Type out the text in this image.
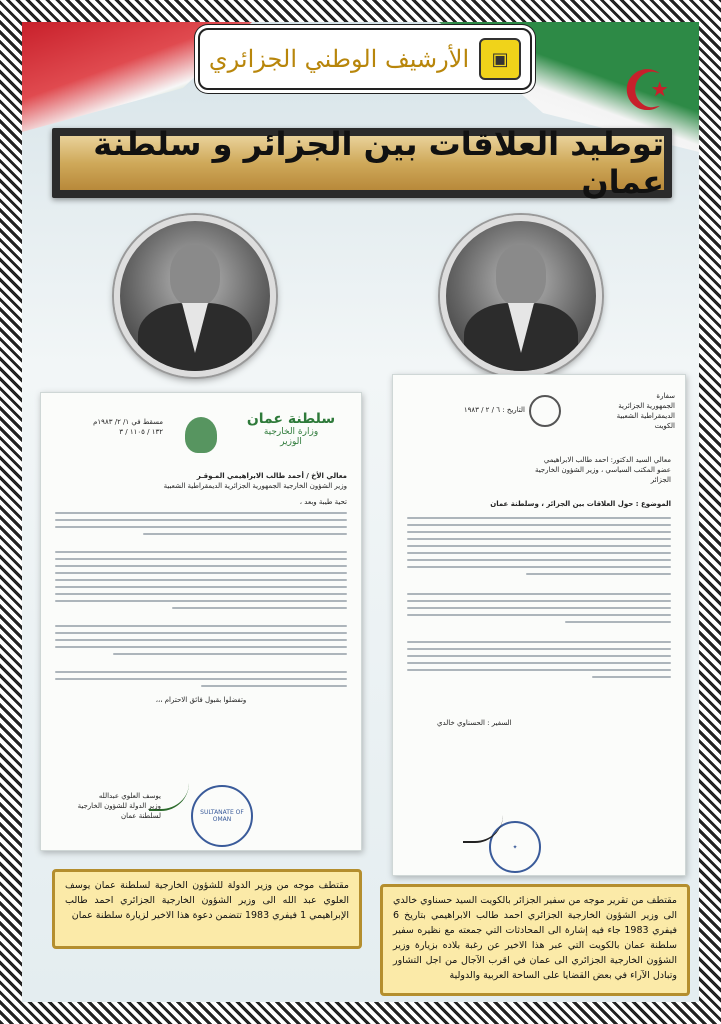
☪
الأرشيف الوطني الجزائري	▣
توطيد العلاقات بين الجزائر و سلطنة عمان

سلطنة عمان

وزارة الخارجية

الوزير

مسقط في ١/ ٢/ ١٩٨٣م

١٣٢ / ١١٠٥ / ٣

معالي الأخ / أحمد طالب الابراهيمي المـوقـر

وزير الشؤون الخارجية الجمهورية الجزائرية الديمقراطية الشعبية

تحية طيبة وبعد ،

وتفضلوا بقبول فائق الاحترام ،،،

يوسف العلوي عبدالله

وزير الدولة للشؤون الخارجية

لسلطنة عمان	SULTANATE OF OMAN

سفارة

الجمهورية الجزائرية

الديمقراطية الشعبية

الكويت

التاريخ : ٦ / ٢ / ١٩٨٣

معالي السيد الدكتور: احمد طالب الابراهيمي

عضو المكتب السياسي ، وزير الشؤون الخارجية

الجزائر

الموضوع : حول العلاقات بين الجزائر ، وسلطنة عمان

السفير : الحسناوي خالدي

✦
مقتطف موجه من وزير الدولة للشؤون الخارجية لسلطنة عمان يوسف العلوي عبد الله الى وزير الشؤون الخارجية الجزائري احمد طالب الإبراهيمي 1 فيفري 1983 تتضمن دعوة هذا الاخير لزيارة سلطنة عمان
مقتطف من تقرير موجه من سفير الجزائر بالكويت السيد حسناوي خالدي الى وزير الشؤون الخارجية الجزائري احمد طالب الابراهيمي بتاريخ 6 فيفري 1983 جاء فيه إشارة الى المحادثات التي جمعته مع نظيره سفير سلطنة عمان بالكويت التي عبر هذا الاخير عن رغبة بلاده بزيارة وزير الشؤون الخارجية الجزائري الى عمان في اقرب الآجال من اجل التشاور وتبادل الآراء في بعض القضايا على الساحة العربية والدولية
